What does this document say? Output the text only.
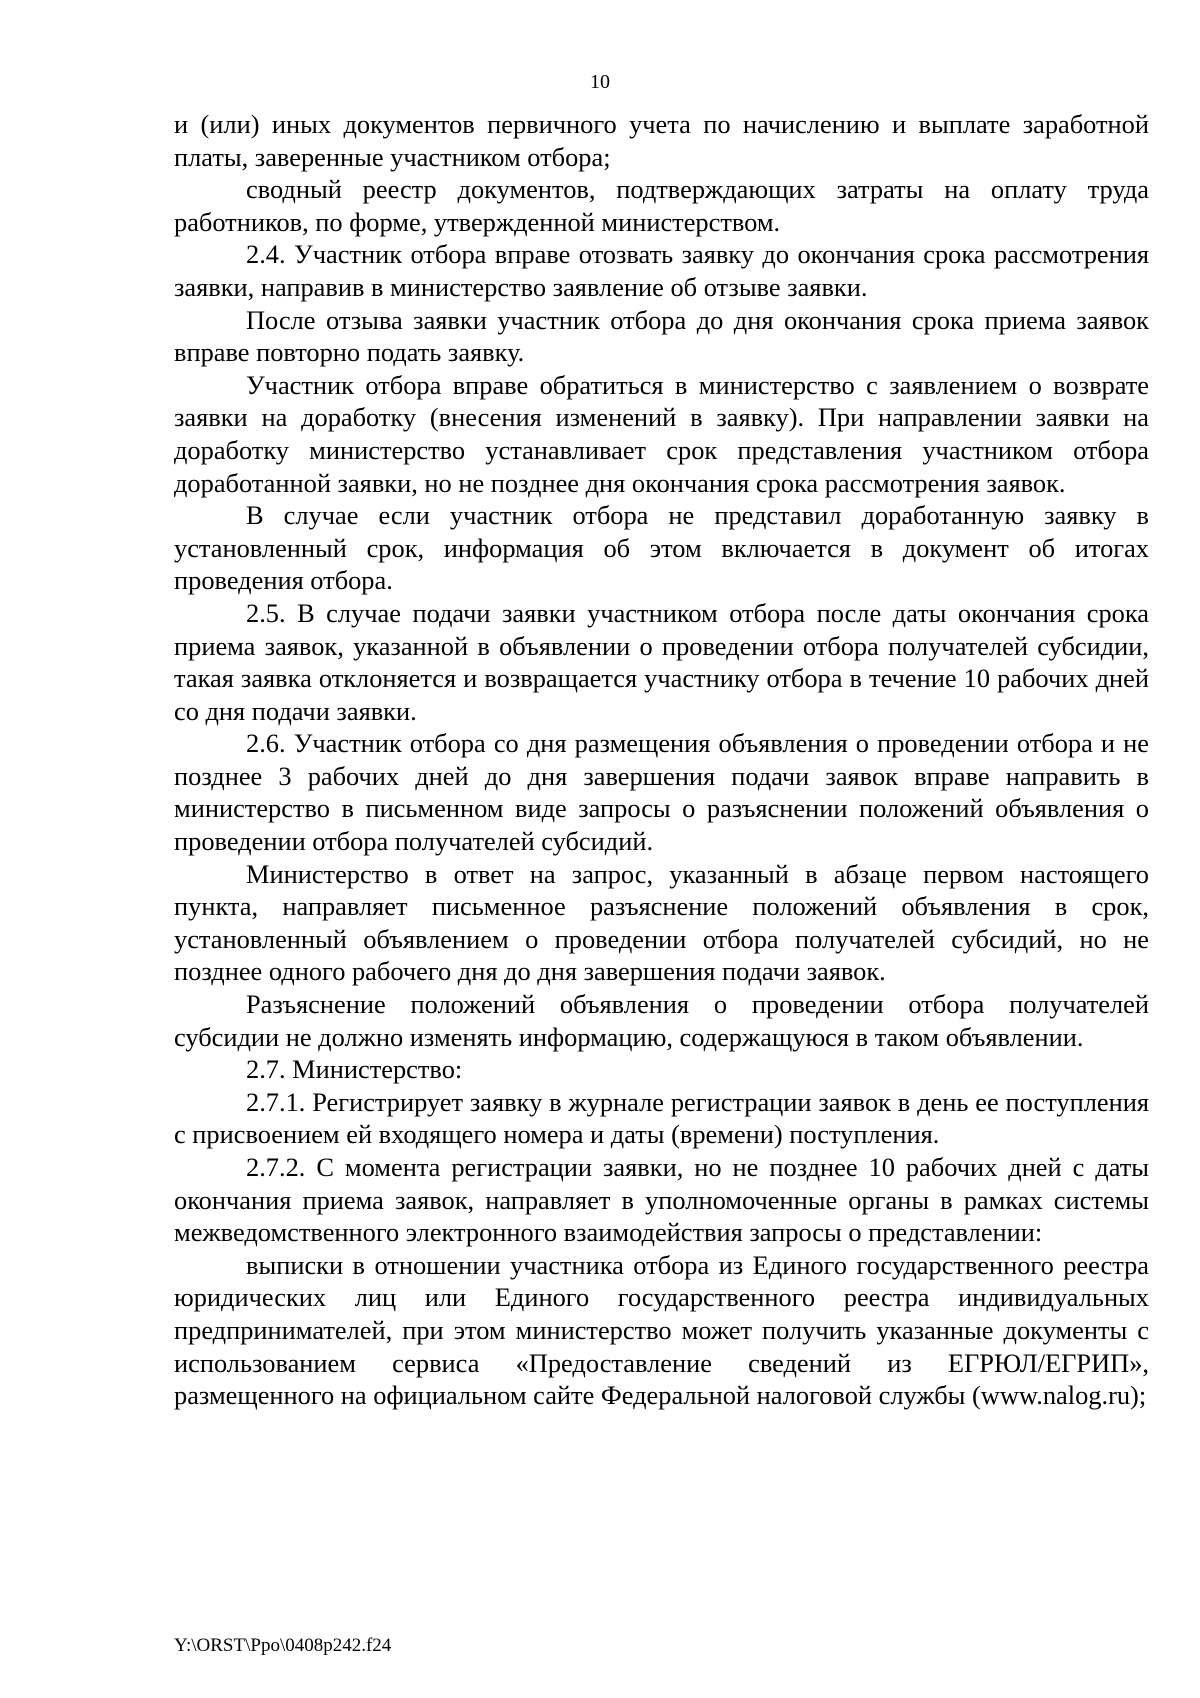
10

и (или) иных документов первичного учета по начислению и выплате заработной платы, заверенные участником отбора;

сводный реестр документов, подтверждающих затраты на оплату труда работников, по форме, утвержденной министерством.

2.4. Участник отбора вправе отозвать заявку до окончания срока рассмотрения заявки, направив в министерство заявление об отзыве заявки.

После отзыва заявки участник отбора до дня окончания срока приема заявок вправе повторно подать заявку.

Участник отбора вправе обратиться в министерство с заявлением о возврате заявки на доработку (внесения изменений в заявку). При направлении заявки на доработку министерство устанавливает срок представления участником отбора доработанной заявки, но не позднее дня окончания срока рассмотрения заявок.

В случае если участник отбора не представил доработанную заявку в установленный срок, информация об этом включается в документ об итогах проведения отбора.

2.5. В случае подачи заявки участником отбора после даты окончания срока приема заявок, указанной в объявлении о проведении отбора получателей субсидии, такая заявка отклоняется и возвращается участнику отбора в течение 10 рабочих дней со дня подачи заявки.

2.6. Участник отбора со дня размещения объявления о проведении отбора и не позднее 3 рабочих дней до дня завершения подачи заявок вправе направить в министерство в письменном виде запросы о разъяснении положений объявления о проведении отбора получателей субсидий.

Министерство в ответ на запрос, указанный в абзаце первом настоящего пункта, направляет письменное разъяснение положений объявления в срок, установленный объявлением о проведении отбора получателей субсидий, но не позднее одного рабочего дня до дня завершения подачи заявок.

Разъяснение положений объявления о проведении отбора получателей субсидии не должно изменять информацию, содержащуюся в таком объявлении.

2.7. Министерство:

2.7.1. Регистрирует заявку в журнале регистрации заявок в день ее поступления с присвоением ей входящего номера и даты (времени) поступления.

2.7.2. С момента регистрации заявки, но не позднее 10 рабочих дней с даты окончания приема заявок, направляет в уполномоченные органы в рамках системы межведомственного электронного взаимодействия запросы о представлении:

выписки в отношении участника отбора из Единого государственного реестра юридических лиц или Единого государственного реестра индивидуальных предпринимателей, при этом министерство может получить указанные документы с использованием сервиса «Предоставление сведений из ЕГРЮЛ/ЕГРИП», размещенного на официальном сайте Федеральной налоговой службы (www.nalog.ru);

Y:\ORST\Ppo\0408p242.f24
